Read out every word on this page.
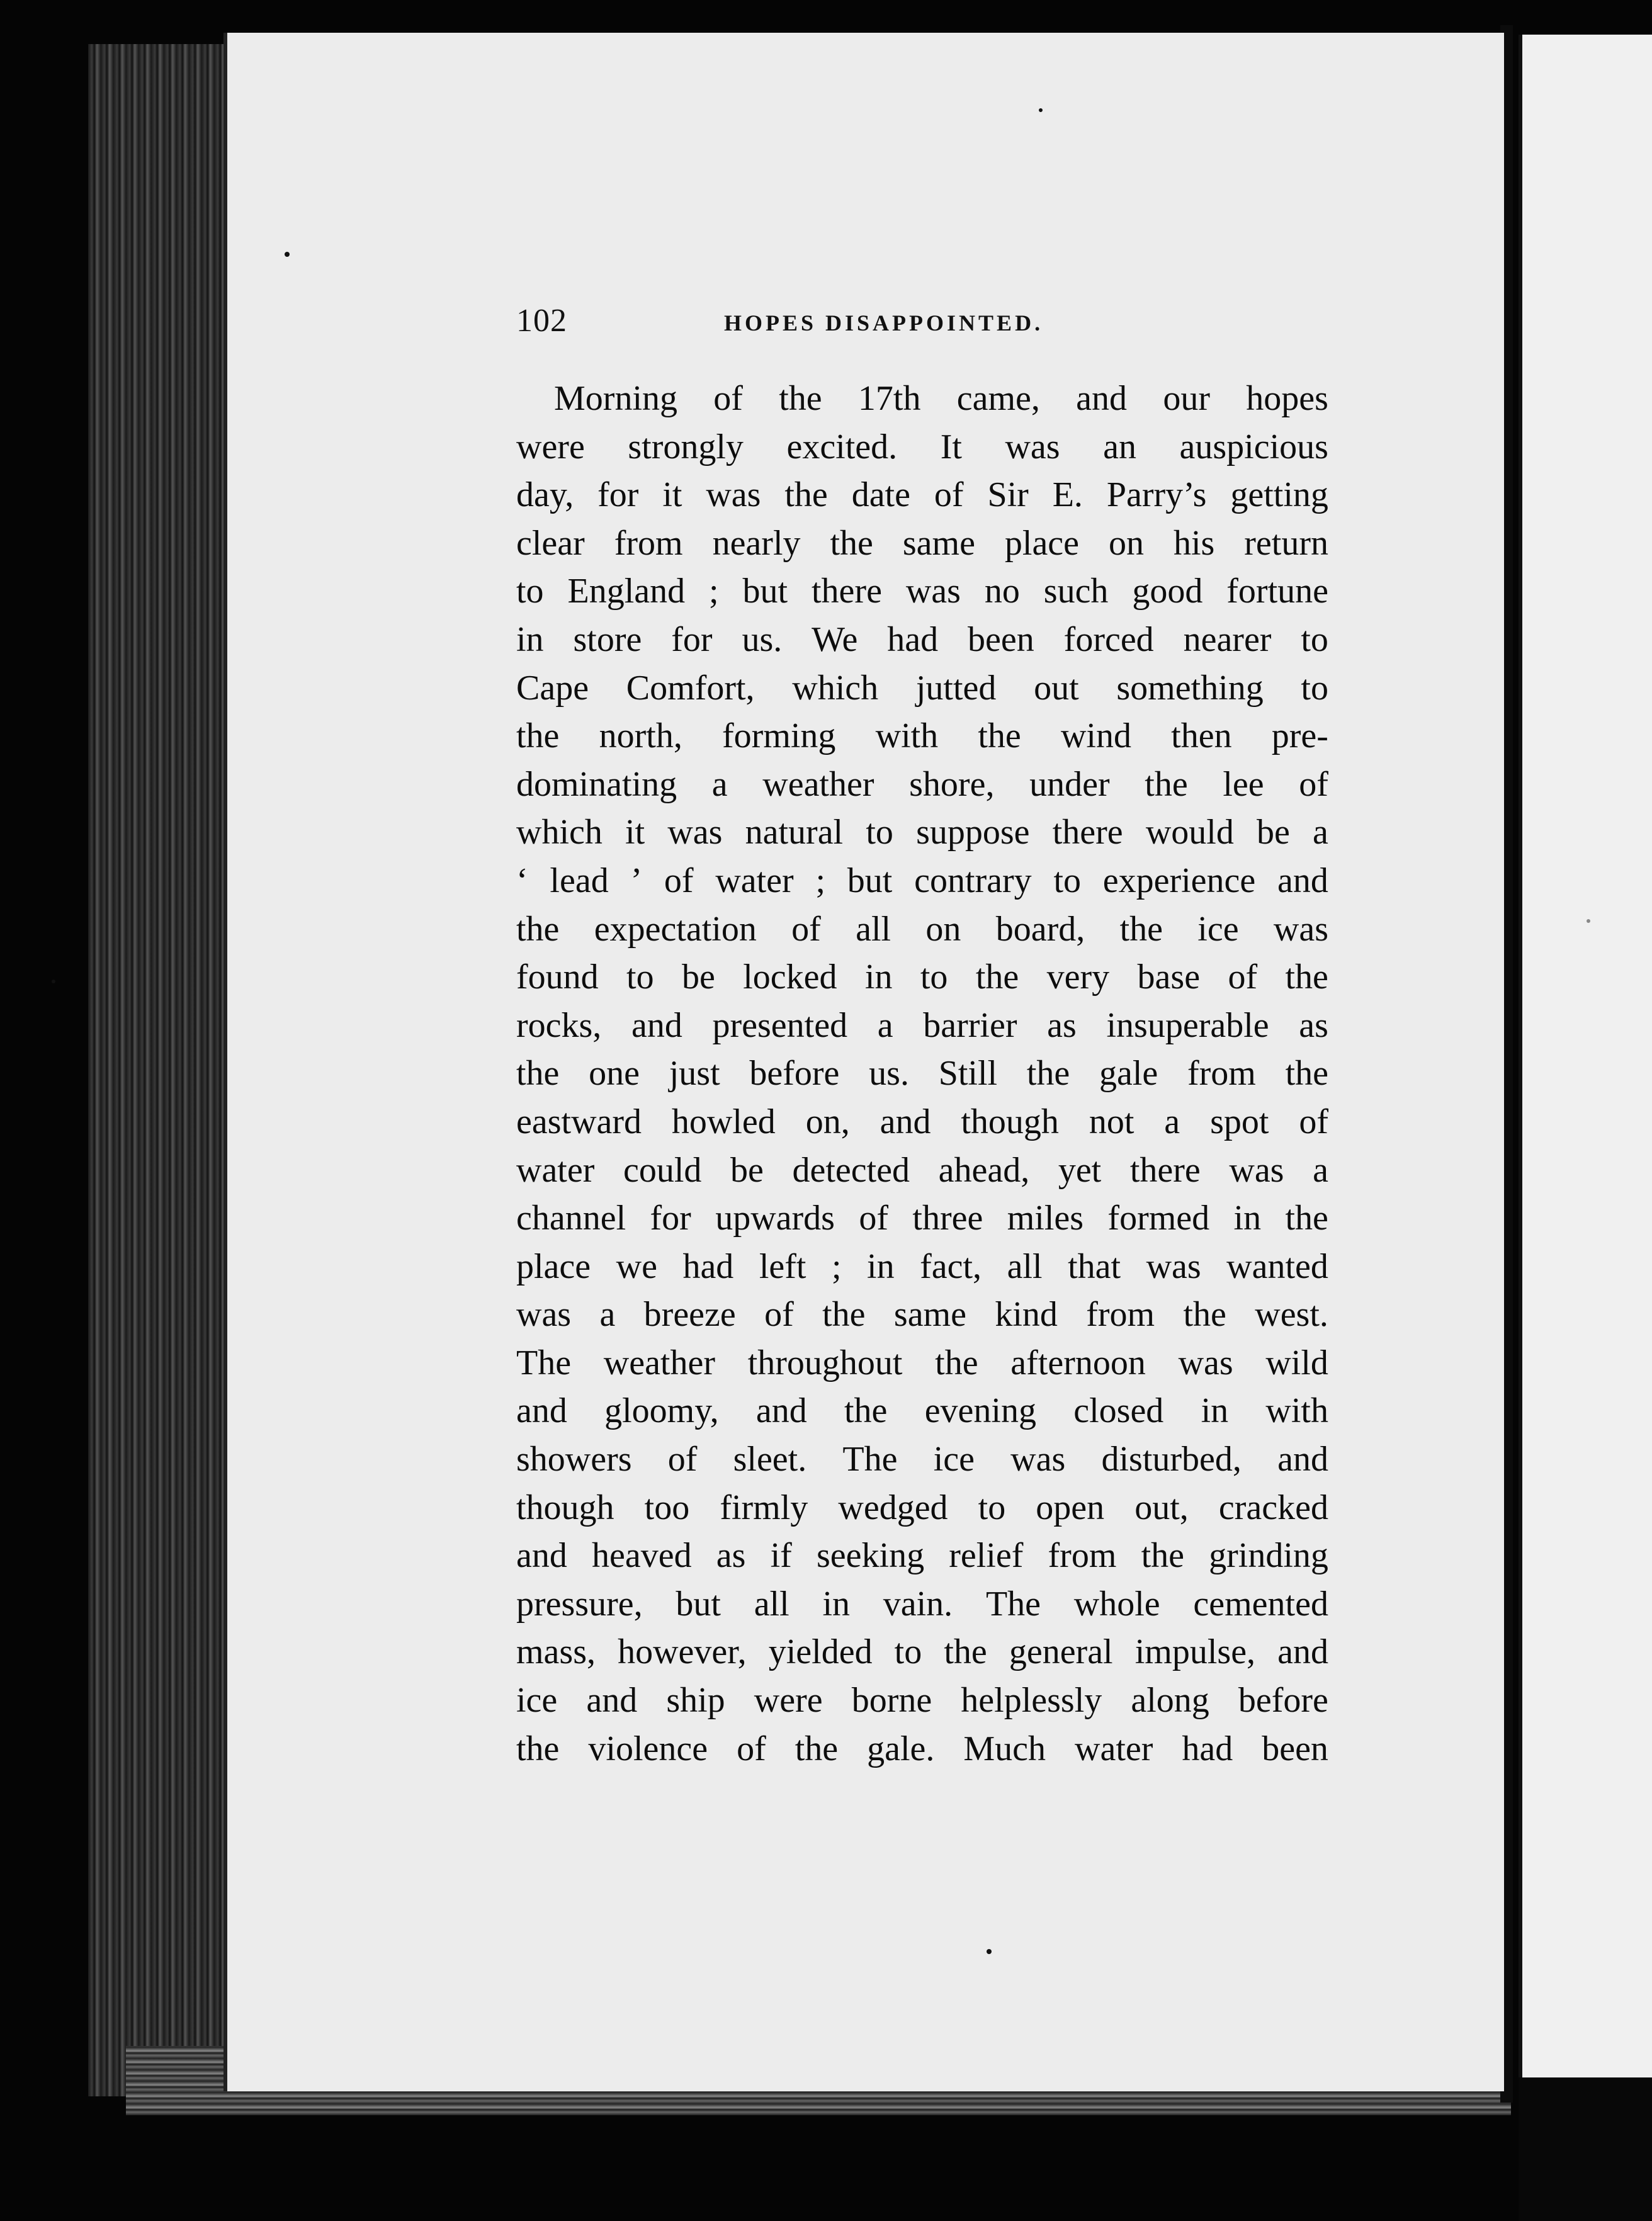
102	HOPES DISAPPOINTED.
Morning of the 17th came, and our hopes
were strongly excited. It was an auspicious
day, for it was the date of Sir E. Parry’s getting
clear from nearly the same place on his return
to England ; but there was no such good fortune
in store for us. We had been forced nearer to
Cape Comfort, which jutted out something to
the north, forming with the wind then pre-
dominating a weather shore, under the lee of
which it was natural to suppose there would be a
‘ lead ’ of water ; but contrary to experience and
the expectation of all on board, the ice was
found to be locked in to the very base of the
rocks, and presented a barrier as insuperable as
the one just before us. Still the gale from the
eastward howled on, and though not a spot of
water could be detected ahead, yet there was a
channel for upwards of three miles formed in the
place we had left ; in fact, all that was wanted
was a breeze of the same kind from the west.
The weather throughout the afternoon was wild
and gloomy, and the evening closed in with
showers of sleet. The ice was disturbed, and
though too firmly wedged to open out, cracked
and heaved as if seeking relief from the grinding
pressure, but all in vain. The whole cemented
mass, however, yielded to the general impulse, and
ice and ship were borne helplessly along before
the violence of the gale. Much water had been
